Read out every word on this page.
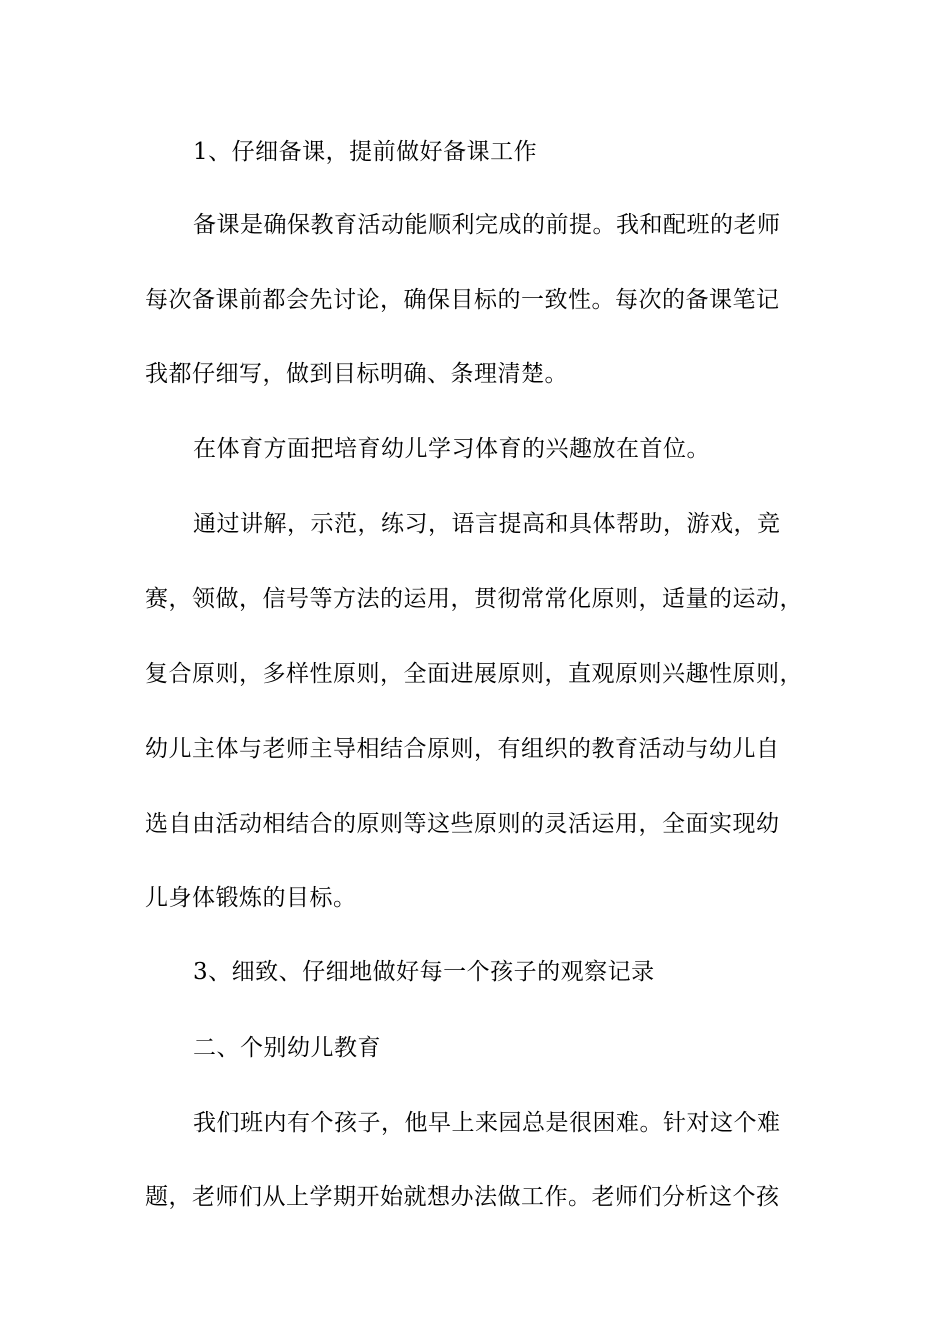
1、仔细备课，提前做好备课工作
备课是确保教育活动能顺利完成的前提。我和配班的老师
每次备课前都会先讨论，确保目标的一致性。每次的备课笔记
我都仔细写，做到目标明确、条理清楚。
在体育方面把培育幼儿学习体育的兴趣放在首位。
通过讲解，示范，练习，语言提高和具体帮助，游戏，竞
赛，领做，信号等方法的运用，贯彻常常化原则，适量的运动，
复合原则，多样性原则，全面进展原则，直观原则兴趣性原则，
幼儿主体与老师主导相结合原则，有组织的教育活动与幼儿自
选自由活动相结合的原则等这些原则的灵活运用，全面实现幼
儿身体锻炼的目标。
3、细致、仔细地做好每一个孩子的观察记录
二、个别幼儿教育
我们班内有个孩子，他早上来园总是很困难。针对这个难
题，老师们从上学期开始就想办法做工作。老师们分析这个孩
